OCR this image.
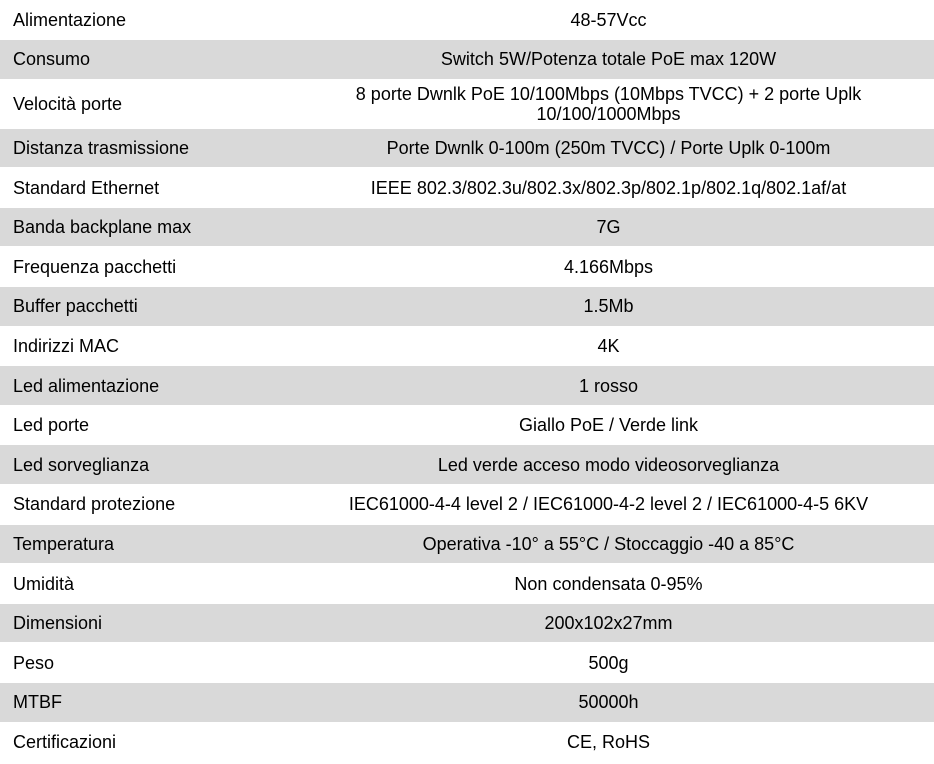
Alimentazione	48-57Vcc
Consumo	Switch 5W/Potenza totale PoE max 120W
Velocità porte	8 porte Dwnlk PoE 10/100Mbps (10Mbps TVCC) + 2 porte Uplk 10/100/1000Mbps
Distanza trasmissione	Porte Dwnlk 0-100m (250m TVCC) / Porte Uplk 0-100m
Standard Ethernet	IEEE 802.3/802.3u/802.3x/802.3p/802.1p/802.1q/802.1af/at
Banda backplane max	7G
Frequenza pacchetti	4.166Mbps
Buffer pacchetti	1.5Mb
Indirizzi MAC	4K
Led alimentazione	1 rosso
Led porte	Giallo PoE / Verde link
Led sorveglianza	Led verde acceso modo videosorveglianza
Standard protezione	IEC61000-4-4 level 2 / IEC61000-4-2 level 2 / IEC61000-4-5 6KV
Temperatura	Operativa -10° a 55°C / Stoccaggio -40 a 85°C
Umidità	Non condensata 0-95%
Dimensioni	200x102x27mm
Peso	500g
MTBF	50000h
Certificazioni	CE, RoHS
